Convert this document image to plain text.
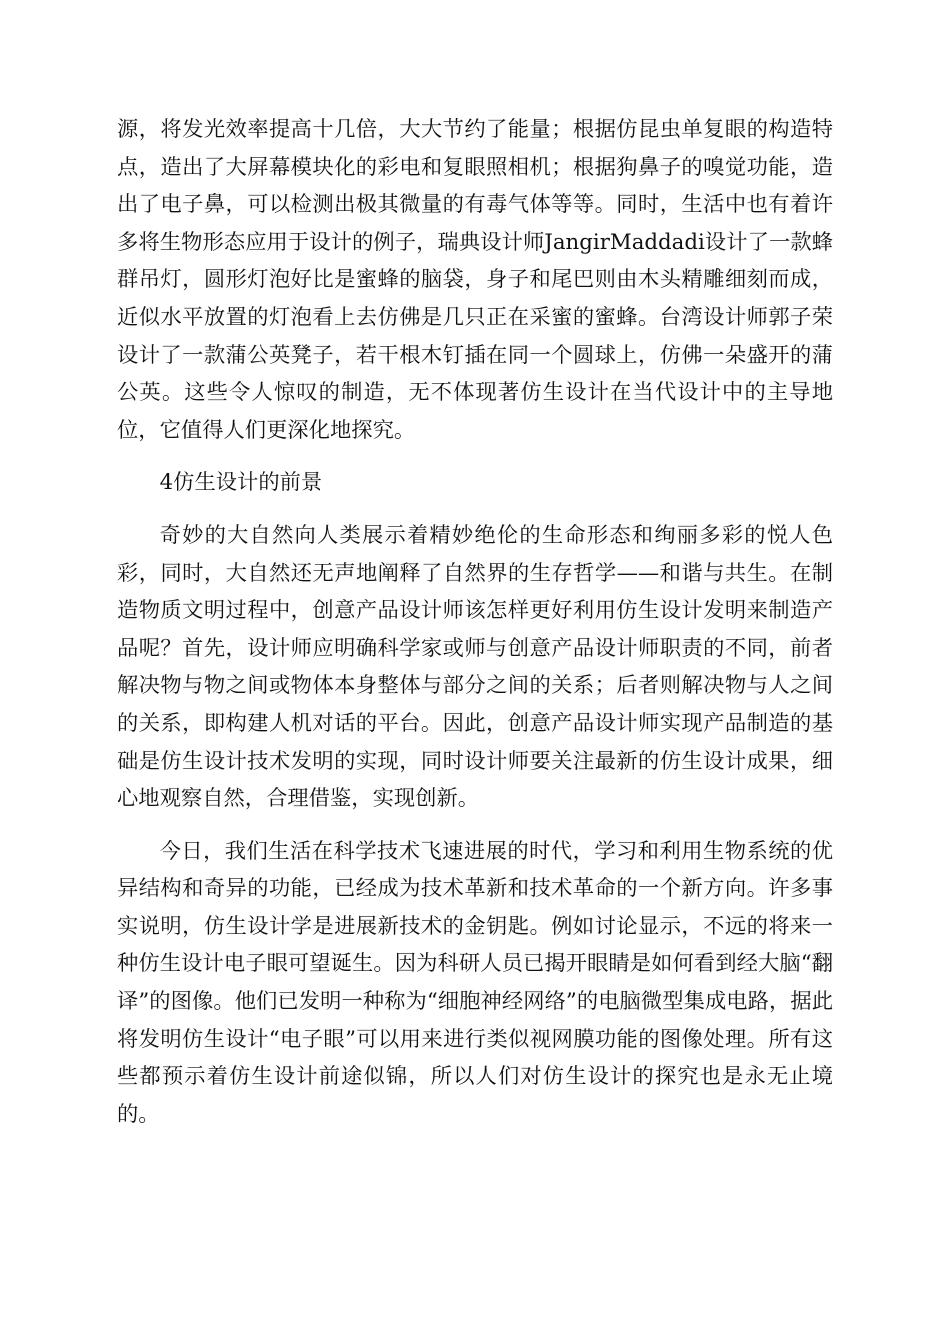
源，将发光效率提高十几倍，大大节约了能量；根据仿昆虫单复眼的构造特点，造出了大屏幕模块化的彩电和复眼照相机；根据狗鼻子的嗅觉功能，造出了电子鼻，可以检测出极其微量的有毒气体等等。同时，生活中也有着许多将生物形态应用于设计的例子，瑞典设计师JangirMaddadi设计了一款蜂群吊灯，圆形灯泡好比是蜜蜂的脑袋，身子和尾巴则由木头精雕细刻而成，近似水平放置的灯泡看上去仿佛是几只正在采蜜的蜜蜂。台湾设计师郭子荣设计了一款蒲公英凳子，若干根木钉插在同一个圆球上，仿佛一朵盛开的蒲公英。这些令人惊叹的制造，无不体现著仿生设计在当代设计中的主导地位，它值得人们更深化地探究。

4仿生设计的前景

奇妙的大自然向人类展示着精妙绝伦的生命形态和绚丽多彩的悦人色彩，同时，大自然还无声地阐释了自然界的生存哲学——和谐与共生。在制造物质文明过程中，创意产品设计师该怎样更好利用仿生设计发明来制造产品呢？首先，设计师应明确科学家或师与创意产品设计师职责的不同，前者解决物与物之间或物体本身整体与部分之间的关系；后者则解决物与人之间的关系，即构建人机对话的平台。因此，创意产品设计师实现产品制造的基础是仿生设计技术发明的实现，同时设计师要关注最新的仿生设计成果，细心地观察自然，合理借鉴，实现创新。

今日，我们生活在科学技术飞速进展的时代，学习和利用生物系统的优异结构和奇异的功能，已经成为技术革新和技术革命的一个新方向。许多事实说明，仿生设计学是进展新技术的金钥匙。例如讨论显示，不远的将来一种仿生设计电子眼可望诞生。因为科研人员已揭开眼睛是如何看到经大脑“翻译”的图像。他们已发明一种称为“细胞神经网络”的电脑微型集成电路，据此将发明仿生设计“电子眼”可以用来进行类似视网膜功能的图像处理。所有这些都预示着仿生设计前途似锦，所以人们对仿生设计的探究也是永无止境的。
